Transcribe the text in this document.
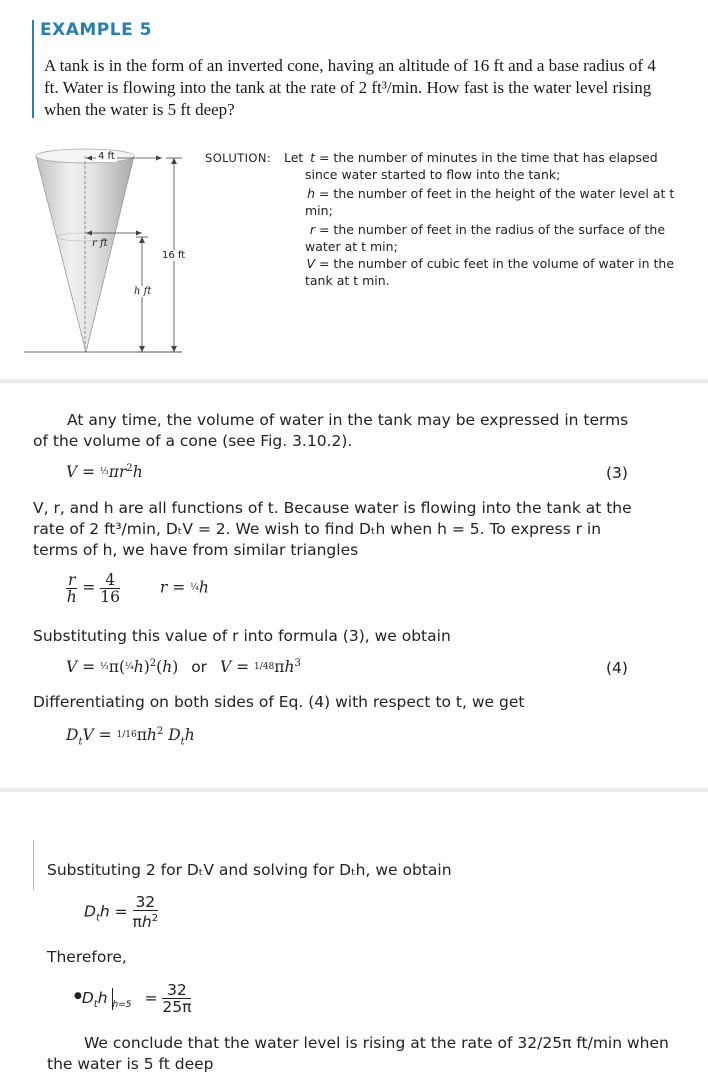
EXAMPLE 5

A tank is in the form of an inverted cone, having an altitude of 16 ft and a base radius of 4 ft. Water is flowing into the tank at the rate of 2 ft³/min. How fast is the water level rising when the water is 5 ft deep?

4 ft
r ft
16 ft
h ft
SOLUTION: Let t = the number of minutes in the time that has elapsed since water started to flow into the tank;
h = the number of feet in the height of the water level at t min;
r = the number of feet in the radius of the surface of the water at t min;
V = the number of cubic feet in the volume of water in the tank at t min.
At any time, the volume of water in the tank may be expressed in terms of the volume of a cone (see Fig. 3.10.2).
$V = \frac{1}{3}\pi r^2h$	(3)
V, r, and h are all functions of t. Because water is flowing into the tank at the rate of 2 ft³/min, DₜV = 2. We wish to find Dₜh when h = 5. To express r in terms of h, we have from similar triangles
$\frac{r}{h} = \frac{4}{16}$	r = ¼h
Substituting this value of r into formula (3), we obtain
V = ⅓π(¼h)$^2$(h) or $V = 1/48\pi h^3$	(4)
Differentiating on both sides of Eq. (4) with respect to t, we get
$D_tV = 1/16\pi h^2$ $D_th$
Substituting 2 for DₜV and solving for Dₜh, we obtain
$D_th = \frac{32}{\pi h^2}$
Therefore,
$^●D_th$ $_{h=5} = \frac{32}{25\pi}$
We conclude that the water level is rising at the rate of 32/25π ft/min when the water is 5 ft deep
